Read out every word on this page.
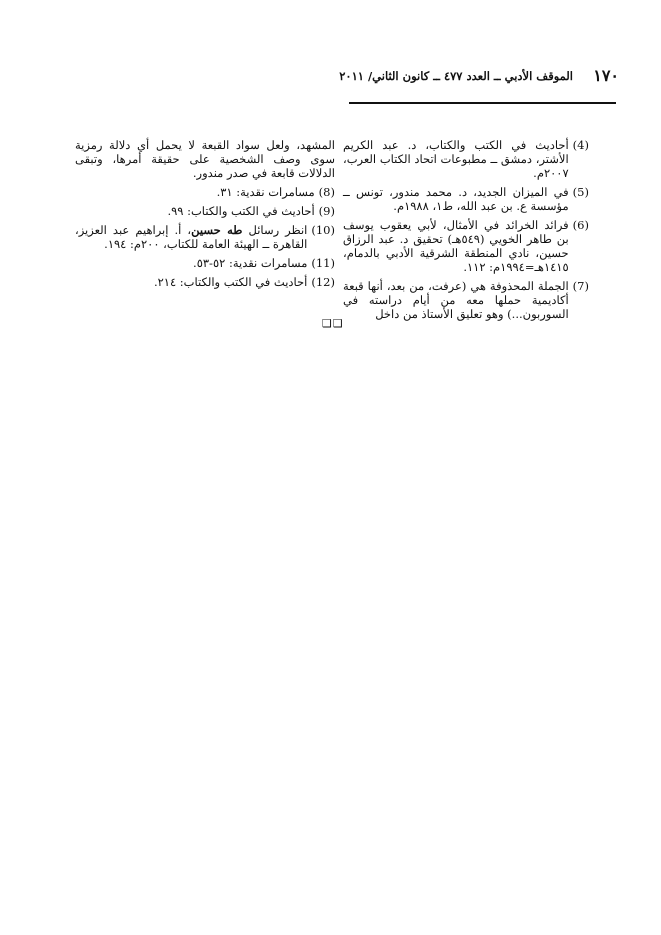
١٧٠
الموقف الأدبي ــ العدد ٤٧٧ ــ كانون الثاني/ ٢٠١١
(4)
أحاديث في الكتب والكتاب، د. عبد الكريم الأشتر، دمشق ــ مطبوعات اتحاد الكتاب العرب، ٢٠٠٧م.
(5)
في الميزان الجديد، د. محمد مندور، تونس ــ مؤسسة ع. بن عبد الله، ط١، ١٩٨٨م.
(6)
فرائد الخرائد في الأمثال، لأبي يعقوب يوسف بن طاهر الخويي (٥٤٩هـ) تحقيق د. عبد الرزاق حسين، نادي المنطقة الشرقية الأدبي بالدمام، ١٤١٥هـ=١٩٩٤م: ١١٢.
(7)
الجملة المحذوفة هي (عرفت، من بعد، أنها قبعة أكاديمية حملها معه من أيام دراسته في السوربون...) وهو تعليق الأستاذ من داخل
المشهد، ولعل سواد القبعة لا يحمل أي دلالة رمزية سوى وصف الشخصية على حقيقة أمرها، وتبقى الدلالات قابعة في صدر مندور.
(8)
مسامرات نقدية: ٣١.
(9)
أحاديث في الكتب والكتاب: ٩٩.
(10)
انظر رسائل طه حسين، أ. إبراهيم عبد العزيز، القاهرة ــ الهيئة العامة للكتاب، ٢٠٠م: ١٩٤.
(11)
مسامرات نقدية: ٥٢-٥٣.
(12)
أحاديث في الكتب والكتاب: ٢١٤.
❑❑
